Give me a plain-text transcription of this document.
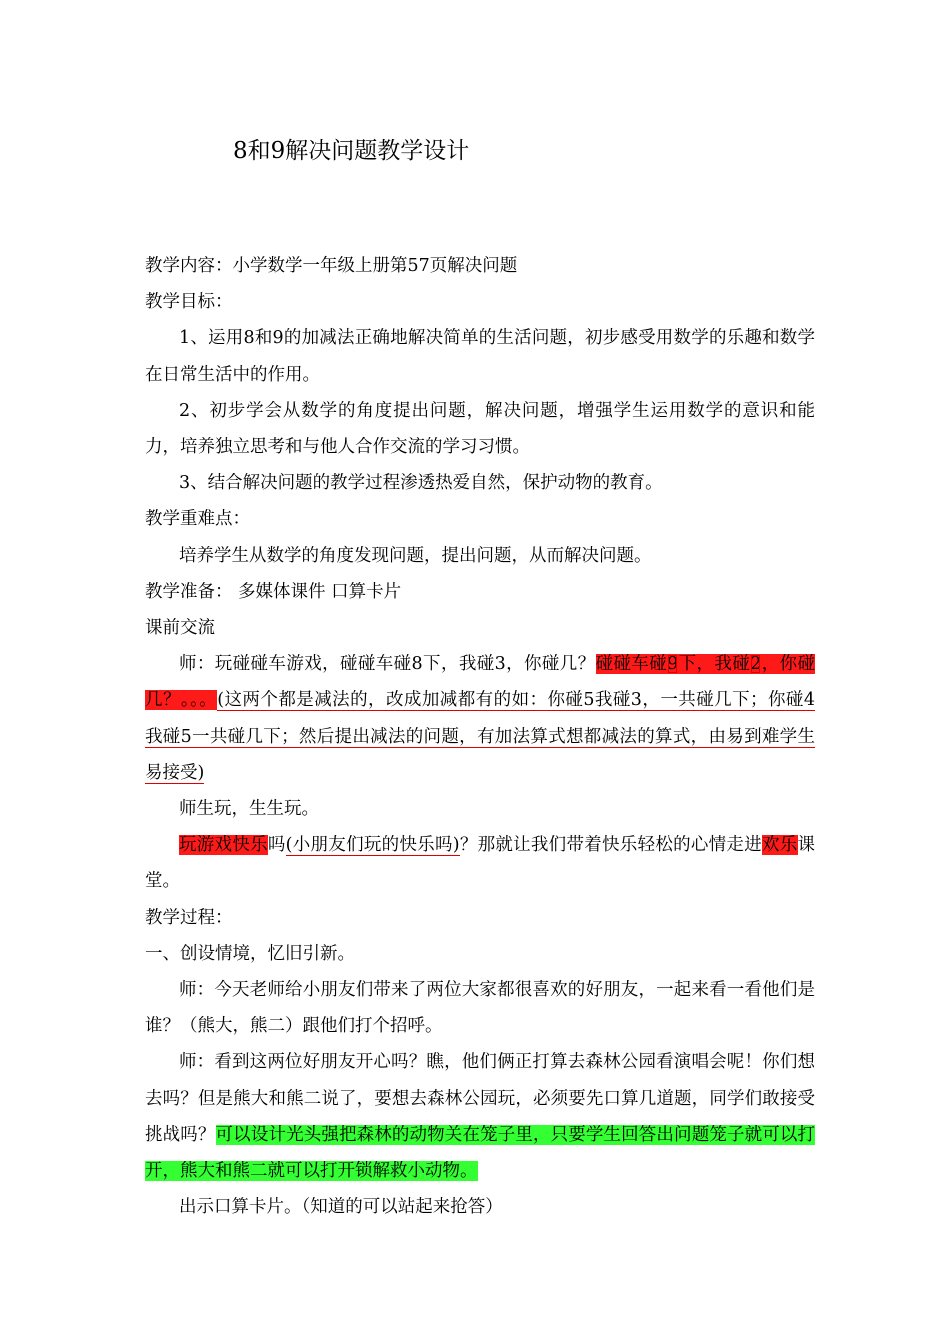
8和9解决问题教学设计

教学内容：小学数学一年级上册第57页解决问题

教学目标：

1、运用8和9的加减法正确地解决简单的生活问题，初步感受用数学的乐趣和数学在日常生活中的作用。

2、初步学会从数学的角度提出问题，解决问题，增强学生运用数学的意识和能力，培养独立思考和与他人合作交流的学习习惯。

3、结合解决问题的教学过程渗透热爱自然，保护动物的教育。

教学重难点：

培养学生从数学的角度发现问题，提出问题，从而解决问题。

教学准备： 多媒体课件 口算卡片

课前交流

师：玩碰碰车游戏，碰碰车碰8下，我碰3，你碰几？碰碰车碰9下，我碰2，你碰几？。。。(这两个都是减法的，改成加减都有的如：你碰5我碰3，一共碰几下；你碰4我碰5一共碰几下；然后提出减法的问题，有加法算式想都减法的算式，由易到难学生易接受)

师生玩，生生玩。

玩游戏快乐吗(小朋友们玩的快乐吗)？那就让我们带着快乐轻松的心情走进欢乐课堂。

教学过程：

一、创设情境，忆旧引新。

师：今天老师给小朋友们带来了两位大家都很喜欢的好朋友，一起来看一看他们是谁？（熊大，熊二）跟他们打个招呼。

师：看到这两位好朋友开心吗？瞧，他们俩正打算去森林公园看演唱会呢！你们想去吗？但是熊大和熊二说了，要想去森林公园玩，必须要先口算几道题，同学们敢接受挑战吗？可以设计光头强把森林的动物关在笼子里，只要学生回答出问题笼子就可以打开，熊大和熊二就可以打开锁解救小动物。

出示口算卡片。（知道的可以站起来抢答）
